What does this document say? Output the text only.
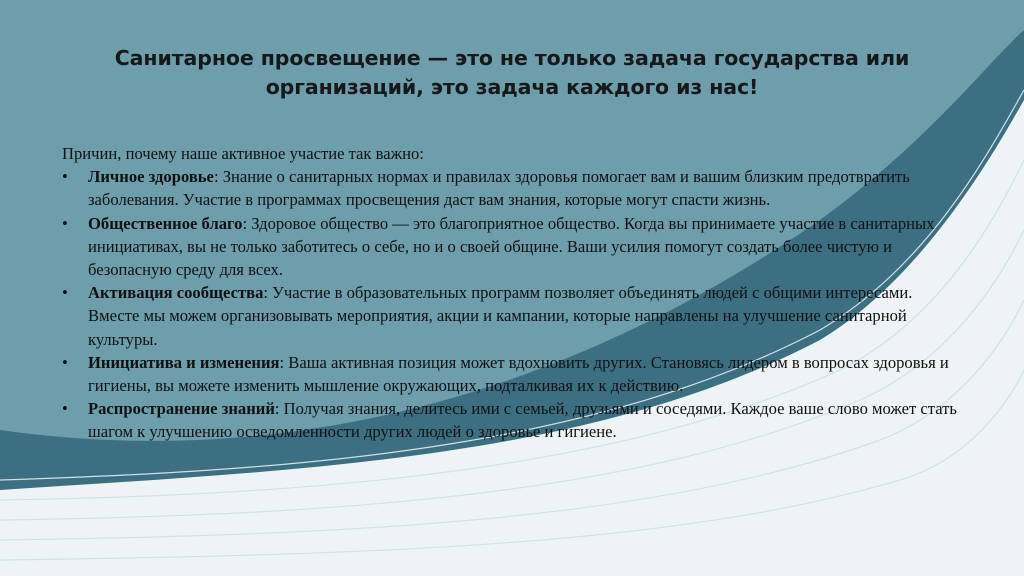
Санитарное просвещение — это не только задача государства или организаций, это задача каждого из нас!

Причин, почему наше активное участие так важно:

• Личное здоровье: Знание о санитарных нормах и правилах здоровья помогает вам и вашим близким предотвратить заболевания. Участие в программах просвещения даст вам знания, которые могут спасти жизнь.
• Общественное благо: Здоровое общество — это благоприятное общество. Когда вы принимаете участие в санитарных инициативах, вы не только заботитесь о себе, но и о своей общине. Ваши усилия помогут создать более чистую и безопасную среду для всех.
• Активация сообщества: Участие в образовательных программ позволяет объединять людей с общими интересами. Вместе мы можем организовывать мероприятия, акции и кампании, которые направлены на улучшение санитарной культуры.
• Инициатива и изменения: Ваша активная позиция может вдохновить других. Становясь лидером в вопросах здоровья и гигиены, вы можете изменить мышление окружающих, подталкивая их к действию.
• Распространение знаний: Получая знания, делитесь ими с семьей, друзьями и соседями. Каждое ваше слово может стать шагом к улучшению осведомленности других людей о здоровье и гигиене.
